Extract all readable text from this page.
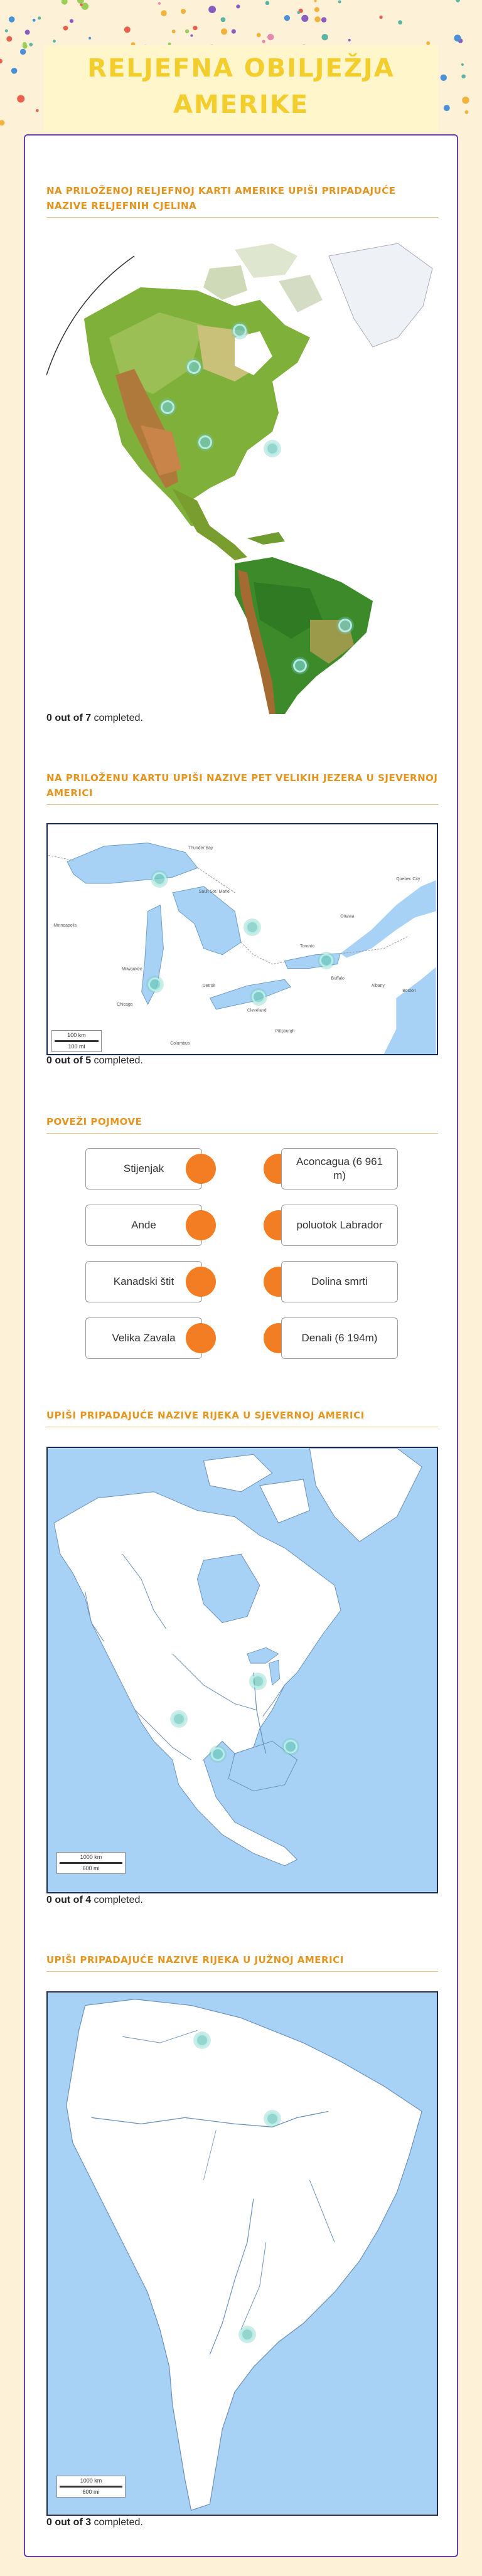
RELJEFNA OBILJEŽJA
AMERIKE
NA PRILOŽENOJ RELJEFNOJ KARTI AMERIKE UPIŠI PRIPADAJUĆE NAZIVE RELJEFNIH CJELINA
0 out of 7 completed.
NA PRILOŽENU KARTU UPIŠI NAZIVE PET VELIKIH JEZERA U SJEVERNOJ AMERICI
Thunder Bay
Sault Ste. Marie
Ottawa
Minneapolis
Milwaukee
Chicago
Detroit
Toronto
Buffalo
Cleveland
Pittsburgh
Columbus
Albany
Boston
Quebec City
100 km
100 mi
0 out of 5 completed.
POVEŽI POJMOVE
Stijenjak
Ande
Kanadski štit
Velika Zavala
Aconcagua (6 961 m)
poluotok Labrador
Dolina smrti
Denali (6 194m)
UPIŠI PRIPADAJUĆE NAZIVE RIJEKA U SJEVERNOJ AMERICI
1000 km
600 mi
0 out of 4 completed.
UPIŠI PRIPADAJUĆE NAZIVE RIJEKA U JUŽNOJ AMERICI
1000 km
600 mi
0 out of 3 completed.
